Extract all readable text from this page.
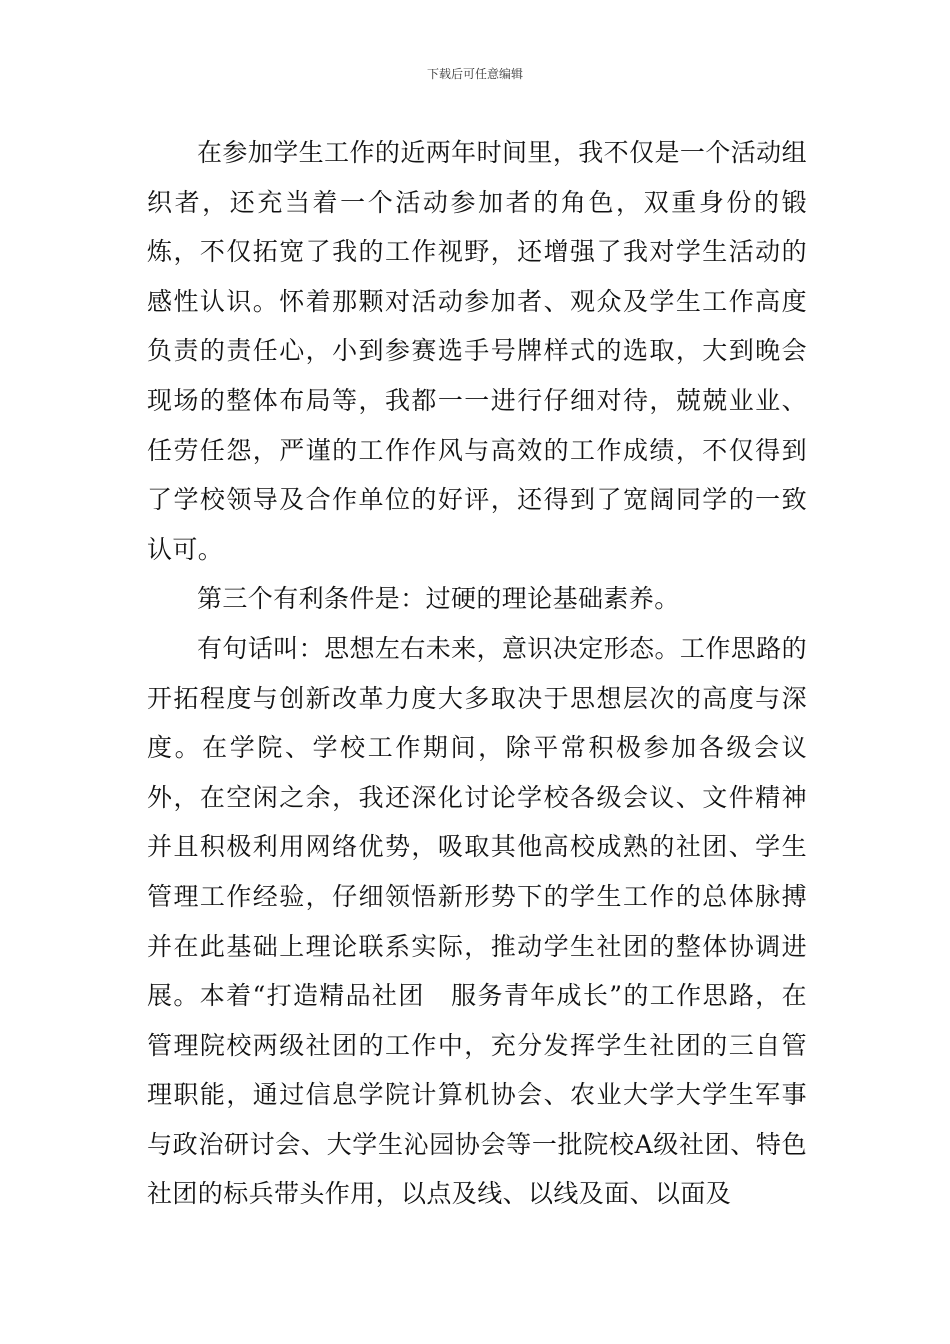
下载后可任意编辑

在参加学生工作的近两年时间里，我不仅是一个活动组织者，还充当着一个活动参加者的角色，双重身份的锻炼，不仅拓宽了我的工作视野，还增强了我对学生活动的感性认识。怀着那颗对活动参加者、观众及学生工作高度负责的责任心，小到参赛选手号牌样式的选取，大到晚会现场的整体布局等，我都一一进行仔细对待，兢兢业业、任劳任怨，严谨的工作作风与高效的工作成绩，不仅得到了学校领导及合作单位的好评，还得到了宽阔同学的一致认可。

第三个有利条件是：过硬的理论基础素养。

有句话叫：思想左右未来，意识决定形态。工作思路的开拓程度与创新改革力度大多取决于思想层次的高度与深度。在学院、学校工作期间，除平常积极参加各级会议外，在空闲之余，我还深化讨论学校各级会议、文件精神并且积极利用网络优势，吸取其他高校成熟的社团、学生管理工作经验，仔细领悟新形势下的学生工作的总体脉搏并在此基础上理论联系实际，推动学生社团的整体协调进展。本着“打造精品社团　服务青年成长”的工作思路，在管理院校两级社团的工作中，充分发挥学生社团的三自管理职能，通过信息学院计算机协会、农业大学大学生军事与政治研讨会、大学生沁园协会等一批院校A级社团、特色社团的标兵带头作用，以点及线、以线及面、以面及
